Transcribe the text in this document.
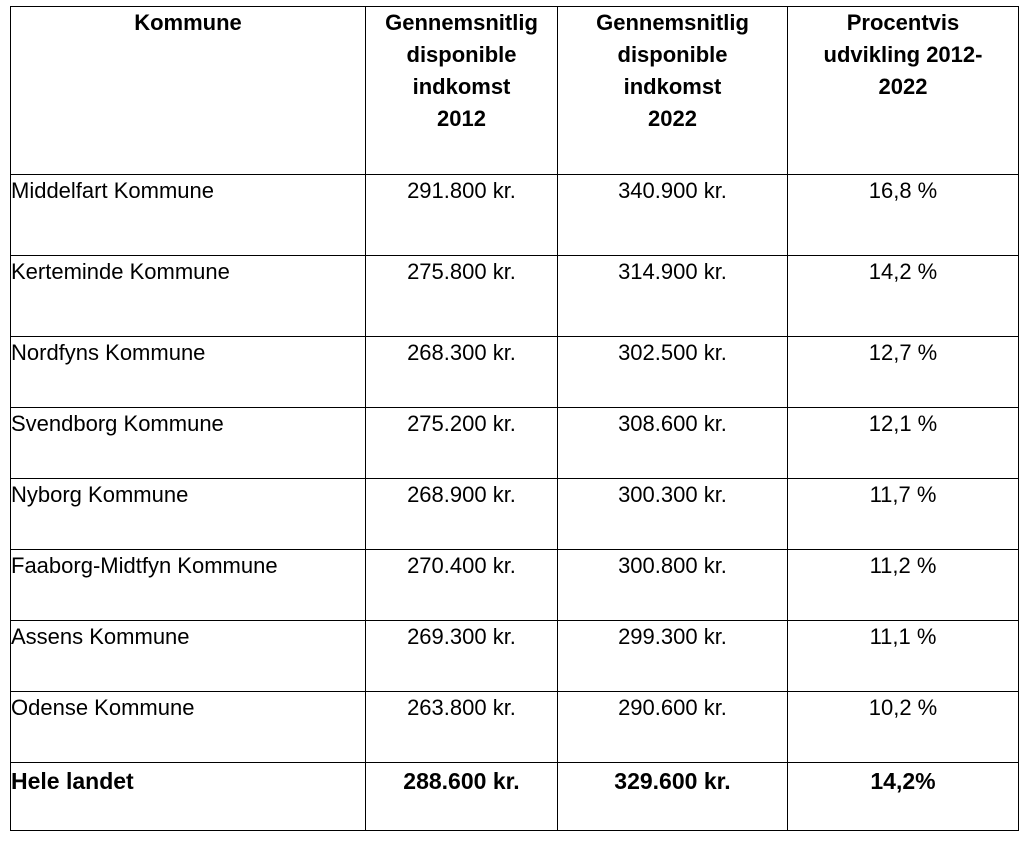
Kommune	Gennemsnitlig
disponible
indkomst
2012	Gennemsnitlig
disponible
indkomst
2022	Procentvis
udvikling 2012-
2022

Middelfart Kommune	291.800 kr.	340.900 kr.	16,8 %
Kerteminde Kommune	275.800 kr.	314.900 kr.	14,2 %
Nordfyns Kommune	268.300 kr.	302.500 kr.	12,7 %
Svendborg Kommune	275.200 kr.	308.600 kr.	12,1 %
Nyborg Kommune	268.900 kr.	300.300 kr.	11,7 %
Faaborg-Midtfyn Kommune	270.400 kr.	300.800 kr.	11,2 %
Assens Kommune	269.300 kr.	299.300 kr.	11,1 %
Odense Kommune	263.800 kr.	290.600 kr.	10,2 %
Hele landet	288.600 kr.	329.600 kr.	14,2%
